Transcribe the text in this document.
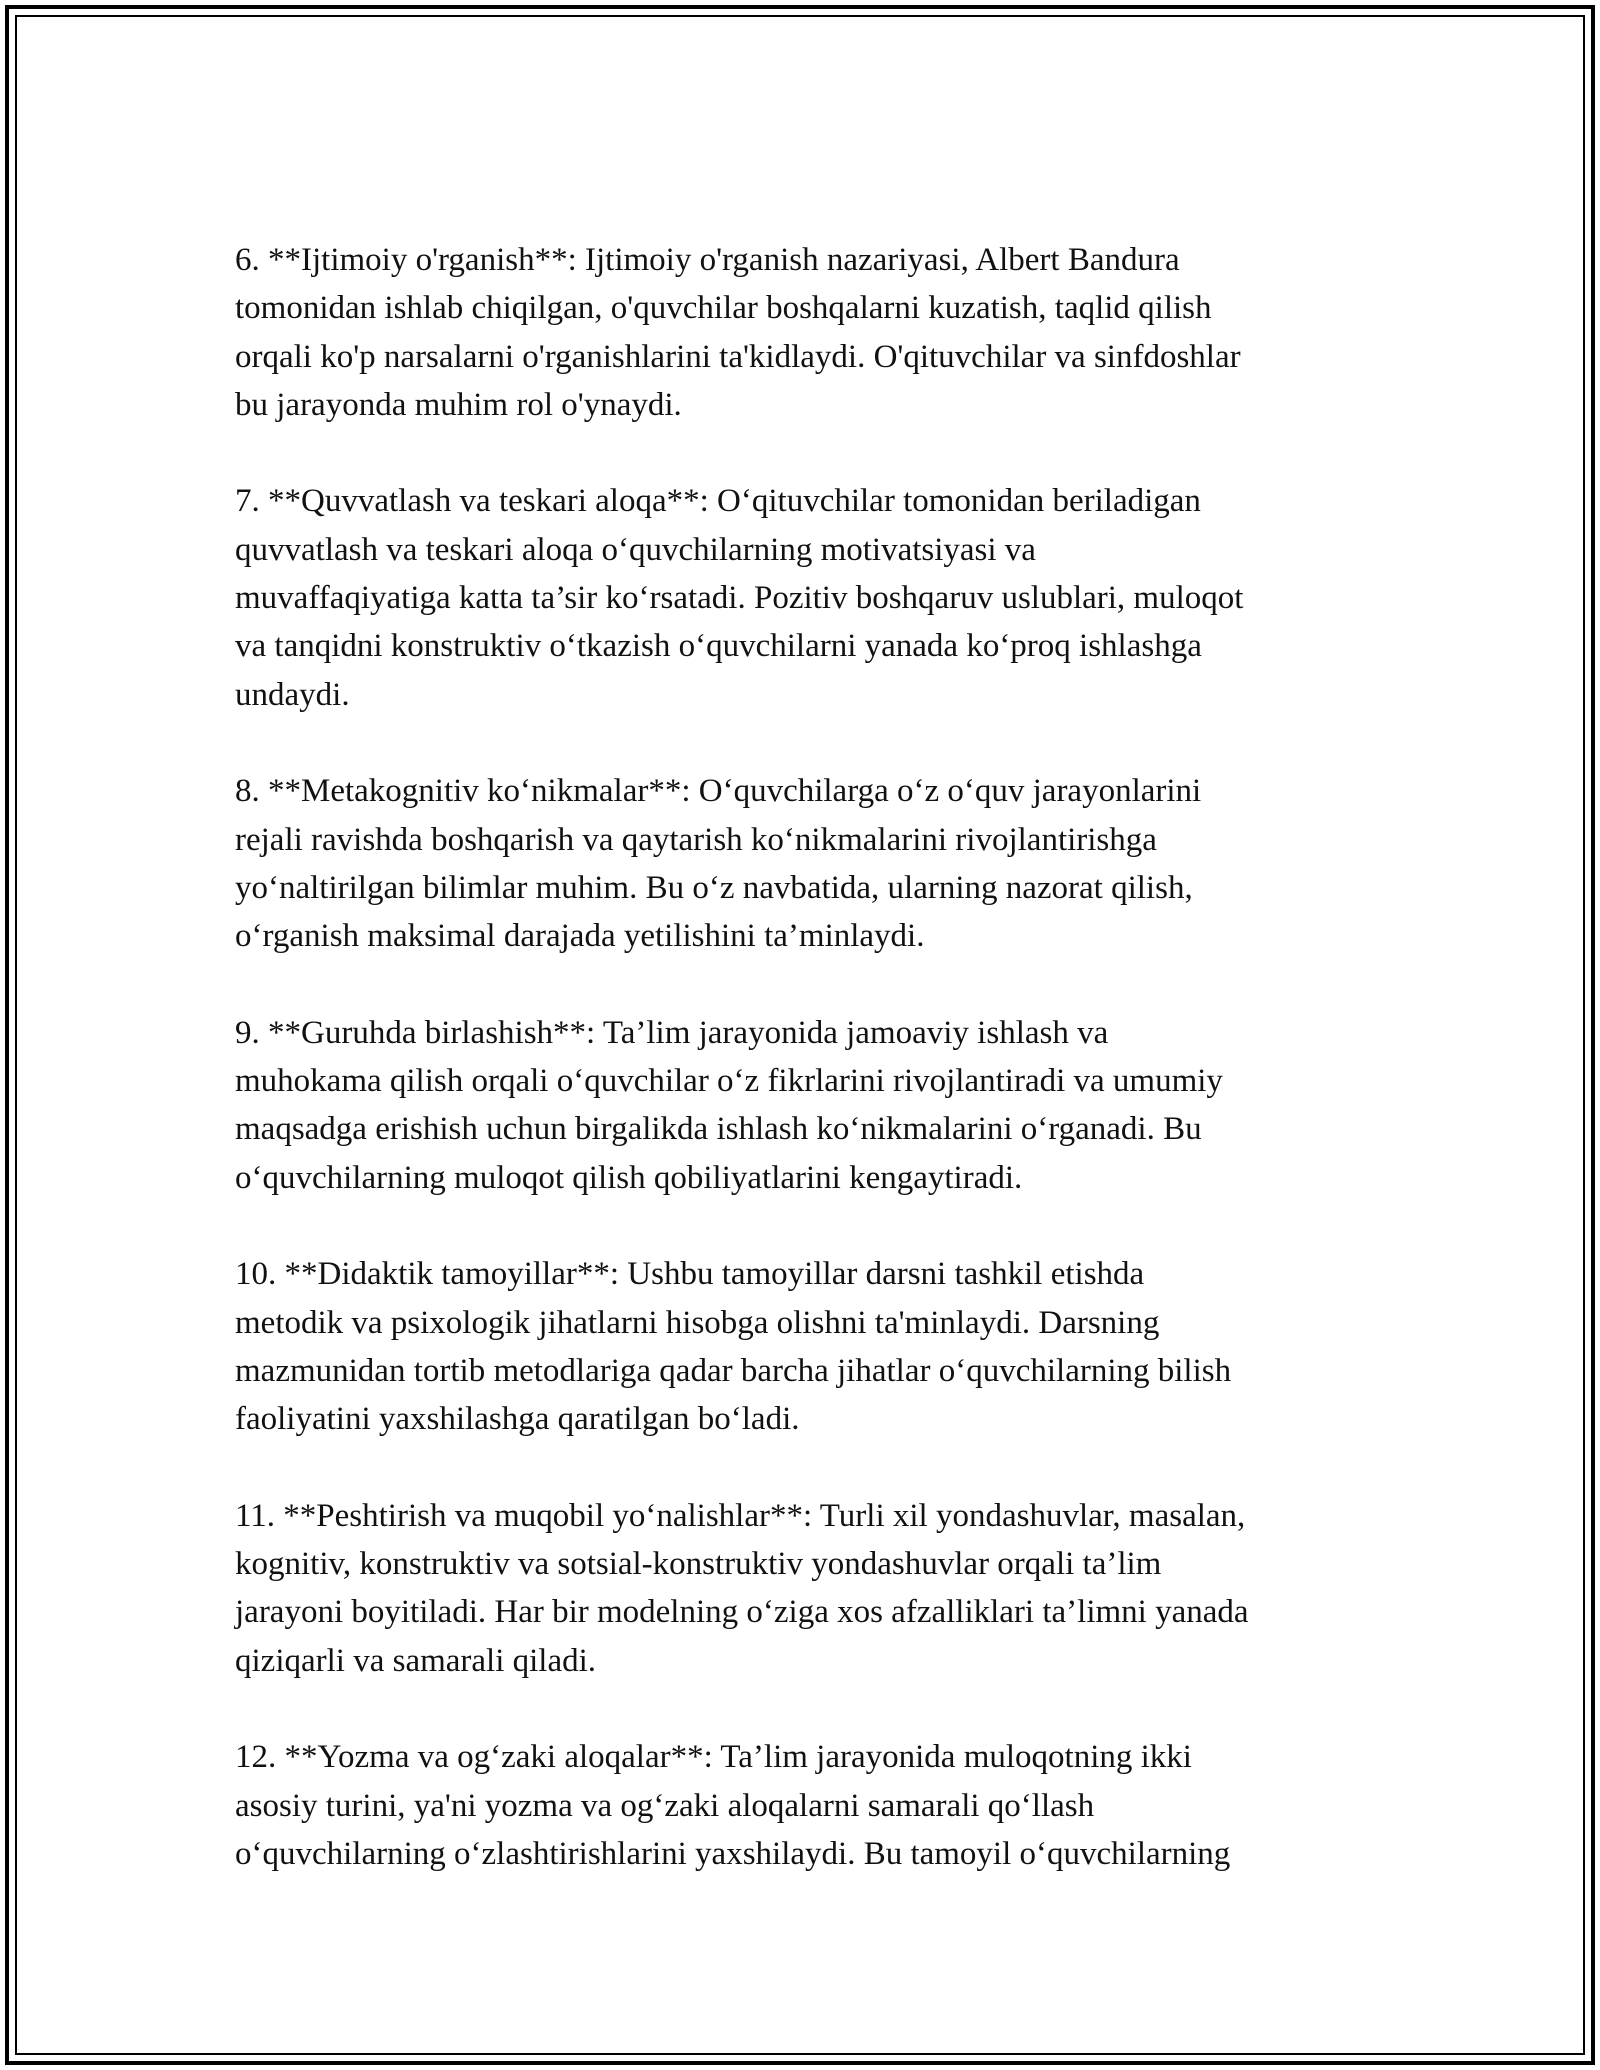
6. **Ijtimoiy o'rganish**: Ijtimoiy o'rganish nazariyasi, Albert Bandura
tomonidan ishlab chiqilgan, o'quvchilar boshqalarni kuzatish, taqlid qilish
orqali ko'p narsalarni o'rganishlarini ta'kidlaydi. O'qituvchilar va sinfdoshlar
bu jarayonda muhim rol o'ynaydi.

7. **Quvvatlash va teskari aloqa**: O‘qituvchilar tomonidan beriladigan
quvvatlash va teskari aloqa o‘quvchilarning motivatsiyasi va
muvaffaqiyatiga katta ta’sir ko‘rsatadi. Pozitiv boshqaruv uslublari, muloqot
va tanqidni konstruktiv o‘tkazish o‘quvchilarni yanada ko‘proq ishlashga
undaydi.

8. **Metakognitiv ko‘nikmalar**: O‘quvchilarga o‘z o‘quv jarayonlarini
rejali ravishda boshqarish va qaytarish ko‘nikmalarini rivojlantirishga
yo‘naltirilgan bilimlar muhim. Bu o‘z navbatida, ularning nazorat qilish,
o‘rganish maksimal darajada yetilishini ta’minlaydi.

9. **Guruhda birlashish**: Ta’lim jarayonida jamoaviy ishlash va
muhokama qilish orqali o‘quvchilar o‘z fikrlarini rivojlantiradi va umumiy
maqsadga erishish uchun birgalikda ishlash ko‘nikmalarini o‘rganadi. Bu
o‘quvchilarning muloqot qilish qobiliyatlarini kengaytiradi.

10. **Didaktik tamoyillar**: Ushbu tamoyillar darsni tashkil etishda
metodik va psixologik jihatlarni hisobga olishni ta'minlaydi. Darsning
mazmunidan tortib metodlariga qadar barcha jihatlar o‘quvchilarning bilish
faoliyatini yaxshilashga qaratilgan bo‘ladi.

11. **Peshtirish va muqobil yo‘nalishlar**: Turli xil yondashuvlar, masalan,
kognitiv, konstruktiv va sotsial-konstruktiv yondashuvlar orqali ta’lim
jarayoni boyitiladi. Har bir modelning o‘ziga xos afzalliklari ta’limni yanada
qiziqarli va samarali qiladi.

12. **Yozma va og‘zaki aloqalar**: Ta’lim jarayonida muloqotning ikki
asosiy turini, ya'ni yozma va og‘zaki aloqalarni samarali qo‘llash
o‘quvchilarning o‘zlashtirishlarini yaxshilaydi. Bu tamoyil o‘quvchilarning
